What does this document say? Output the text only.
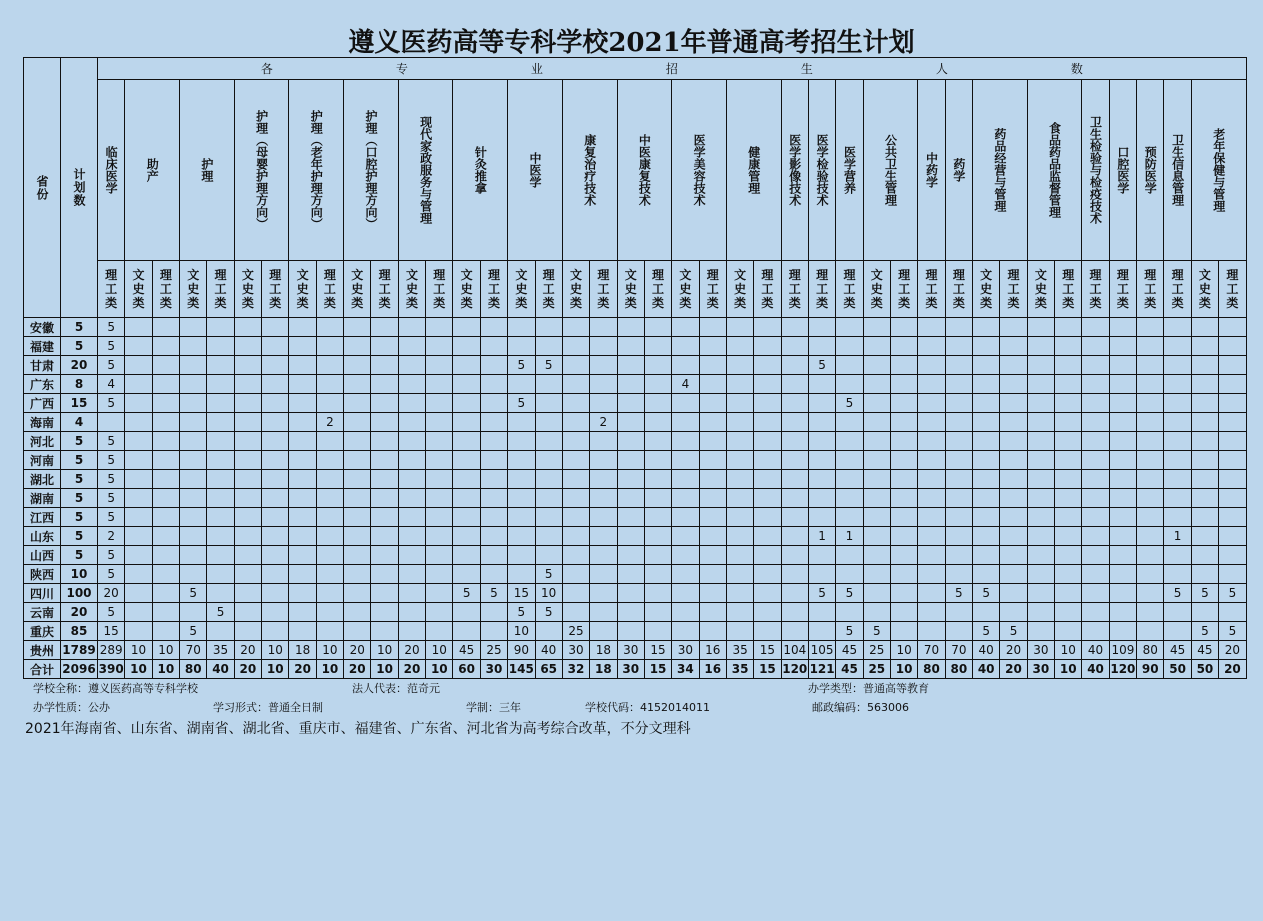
遵义医药高等专科学校2021年普通高考招生计划
省份	计划数	各 专 业 招 生 人 数																																									

		临床医学	助产		护理		护理（母婴护理方向）		护理（老年护理方向）		护理（口腔护理方向）		现代家政服务与管理		针灸推拿		中医学		康复治疗技术		中医康复技术		医学美容技术		健康管理		医学影像技术	医学检验技术	医学营养	公共卫生管理		中药学	药学	药品经营与管理		食品药品监督管理		卫生检验与检疫技术	口腔医学	预防医学	卫生信息管理	老年保健与管理	

		理工类	文史类	理工类	文史类	理工类	文史类	理工类	文史类	理工类	文史类	理工类	文史类	理工类	文史类	理工类	文史类	理工类	文史类	理工类	文史类	理工类	文史类	理工类	文史类	理工类	理工类	理工类	理工类	文史类	理工类	理工类	理工类	文史类	理工类	文史类	理工类	理工类	理工类	理工类	理工类	文史类	理工类

安徽	5	5																																									
福建	5	5																																									
甘肃	20	5															5	5										5															
广东	8	4																					4																				
广西	15	5															5												5														
海南	4									2										2																							
河北	5	5																																									
河南	5	5																																									
湖北	5	5																																									
湖南	5	5																																									
江西	5	5																																									
山东	5	2																										1	1												1		
山西	5	5																																									
陕西	10	5																5																									
四川	100	20			5										5	5	15	10										5	5				5	5							5	5	5
云南	20	5				5											5	5																									
重庆	85	15			5												10		25										5	5				5	5							5	5
贵州	1789	289	10	10	70	35	20	10	18	10	20	10	20	10	45	25	90	40	30	18	30	15	30	16	35	15	104	105	45	25	10	70	70	40	20	30	10	40	109	80	45	45	20
合计	2096	390	10	10	80	40	20	10	20	10	20	10	20	10	60	30	145	65	32	18	30	15	34	16	35	15	120	121	45	25	10	80	80	40	20	30	10	40	120	90	50	50	20
学校全称：遵义医药高等专科学校	法人代表：范奇元	办学类型：普通高等教育
办学性质：公办	学习形式：普通全日制	学制：三年	学校代码：4152014011	邮政编码：563006
2021年海南省、山东省、湖南省、湖北省、重庆市、福建省、广东省、河北省为高考综合改革，不分文理科
